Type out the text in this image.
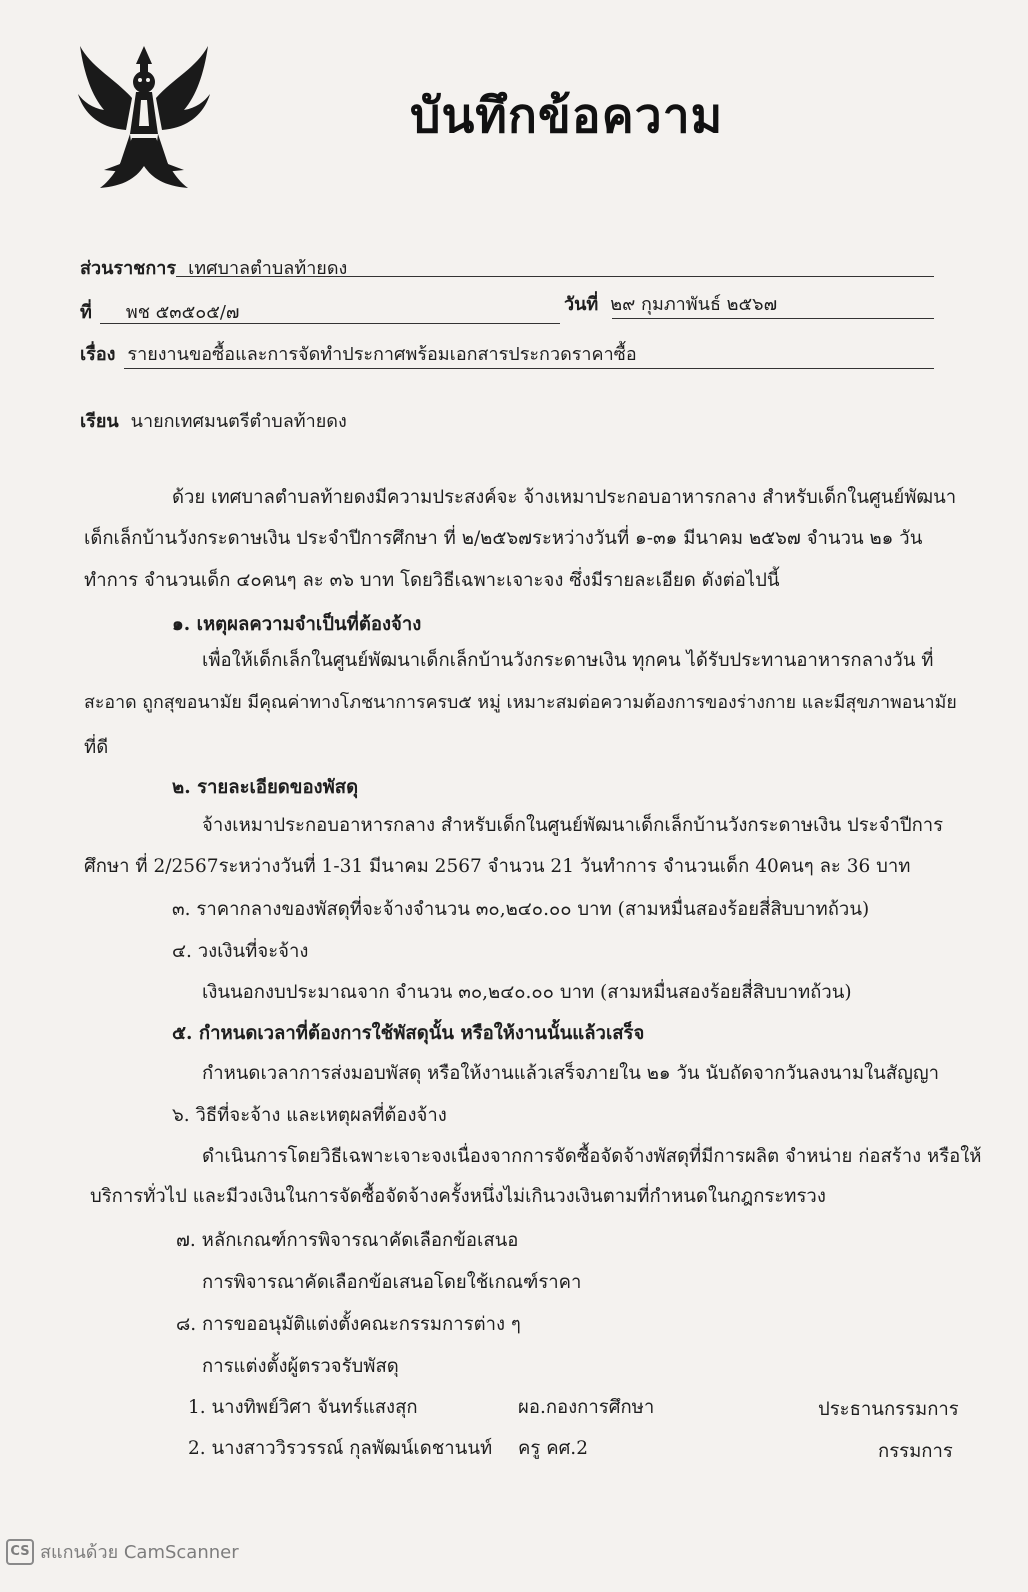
บันทึกข้อความ
ส่วนราชการ เทศบาลตำบลท้ายดง
ที่ พช ๕๓๕๐๕/๗	วันที่ ๒๙ กุมภาพันธ์ ๒๕๖๗
เรื่อง รายงานขอซื้อและการจัดทำประกาศพร้อมเอกสารประกวดราคาซื้อ
เรียน นายกเทศมนตรีตำบลท้ายดง
ด้วย เทศบาลตำบลท้ายดงมีความประสงค์จะ จ้างเหมาประกอบอาหารกลาง สำหรับเด็กในศูนย์พัฒนา
เด็กเล็กบ้านวังกระดาษเงิน ประจำปีการศึกษา ที่ ๒/๒๕๖๗ระหว่างวันที่ ๑-๓๑ มีนาคม ๒๕๖๗ จำนวน ๒๑ วัน
ทำการ จำนวนเด็ก ๔๐คนๆ ละ ๓๖ บาท โดยวิธีเฉพาะเจาะจง ซึ่งมีรายละเอียด ดังต่อไปนี้
๑. เหตุผลความจำเป็นที่ต้องจ้าง
เพื่อให้เด็กเล็กในศูนย์พัฒนาเด็กเล็กบ้านวังกระดาษเงิน ทุกคน ได้รับประทานอาหารกลางวัน ที่
สะอาด ถูกสุขอนามัย มีคุณค่าทางโภชนาการครบ๕ หมู่ เหมาะสมต่อความต้องการของร่างกาย และมีสุขภาพอนามัย
ที่ดี
๒. รายละเอียดของพัสดุ
จ้างเหมาประกอบอาหารกลาง สำหรับเด็กในศูนย์พัฒนาเด็กเล็กบ้านวังกระดาษเงิน ประจำปีการ
ศึกษา ที่ 2/2567ระหว่างวันที่ 1-31 มีนาคม 2567 จำนวน 21 วันทำการ จำนวนเด็ก 40คนๆ ละ 36 บาท
๓. ราคากลางของพัสดุที่จะจ้างจำนวน ๓๐,๒๔๐.๐๐ บาท (สามหมื่นสองร้อยสี่สิบบาทถ้วน)
๔. วงเงินที่จะจ้าง
เงินนอกงบประมาณจาก จำนวน ๓๐,๒๔๐.๐๐ บาท (สามหมื่นสองร้อยสี่สิบบาทถ้วน)
๕. กำหนดเวลาที่ต้องการใช้พัสดุนั้น หรือให้งานนั้นแล้วเสร็จ
กำหนดเวลาการส่งมอบพัสดุ หรือให้งานแล้วเสร็จภายใน ๒๑ วัน นับถัดจากวันลงนามในสัญญา
๖. วิธีที่จะจ้าง และเหตุผลที่ต้องจ้าง
ดำเนินการโดยวิธีเฉพาะเจาะจงเนื่องจากการจัดซื้อจัดจ้างพัสดุที่มีการผลิต จำหน่าย ก่อสร้าง หรือให้
บริการทั่วไป และมีวงเงินในการจัดซื้อจัดจ้างครั้งหนึ่งไม่เกินวงเงินตามที่กำหนดในกฎกระทรวง
๗. หลักเกณฑ์การพิจารณาคัดเลือกข้อเสนอ
การพิจารณาคัดเลือกข้อเสนอโดยใช้เกณฑ์ราคา
๘. การขออนุมัติแต่งตั้งคณะกรรมการต่าง ๆ
การแต่งตั้งผู้ตรวจรับพัสดุ
1. นางทิพย์วิศา จันทร์แสงสุก	ผอ.กองการศึกษา	ประธานกรรมการ
2. นางสาววิรวรรณ์ กุลพัฒน์เดชานนท์ ครู คศ.2	กรรมการ
CS สแกนด้วย CamScanner
